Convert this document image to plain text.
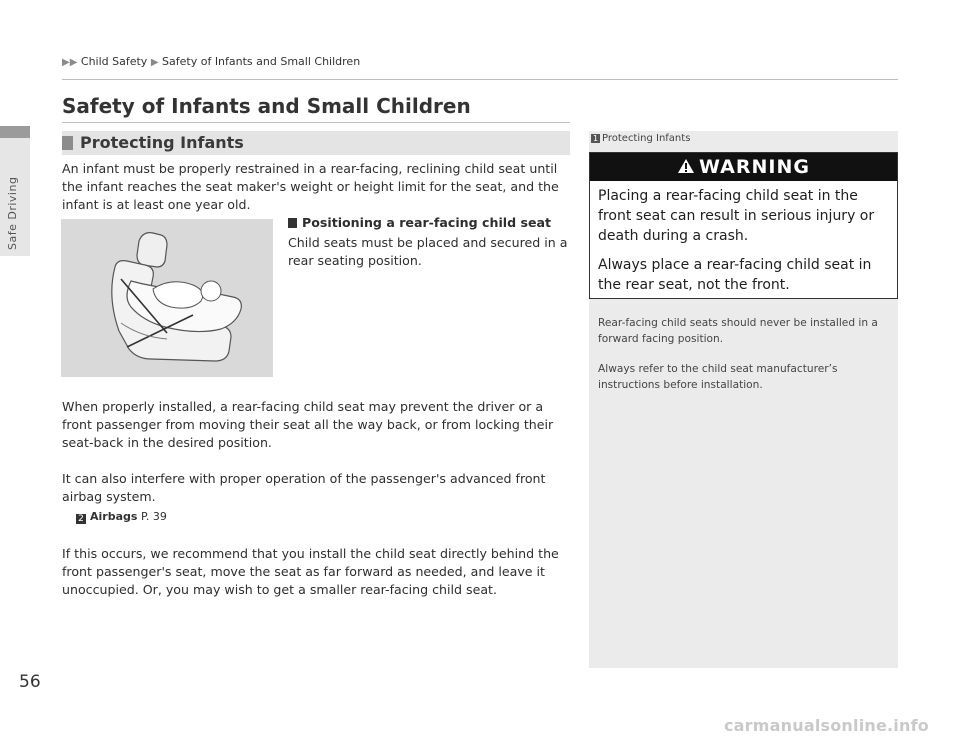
Safe Driving
▶▶ Child Safety ▶ Safety of Infants and Small Children
Safety of Infants and Small Children
Protecting Infants

An infant must be properly restrained in a rear-facing, reclining child seat until the infant reaches the seat maker's weight or height limit for the seat, and the infant is at least one year old.

Positioning a rear-facing child seat

Child seats must be placed and secured in a rear seating position.

When properly installed, a rear-facing child seat may prevent the driver or a front passenger from moving their seat all the way back, or from locking their seat-back in the desired position.

It can also interfere with proper operation of the passenger's advanced front airbag system.

2 Airbags P. 39

If this occurs, we recommend that you install the child seat directly behind the front passenger's seat, move the seat as far forward as needed, and leave it unoccupied. Or, you may wish to get a smaller rear-facing child seat.

1 Protecting Infants
WARNING

Placing a rear-facing child seat in the front seat can result in serious injury or death during a crash.

Always place a rear-facing child seat in the rear seat, not the front.

Rear-facing child seats should never be installed in a forward facing position.

Always refer to the child seat manufacturer’s instructions before installation.

56
carmanualsonline.info
